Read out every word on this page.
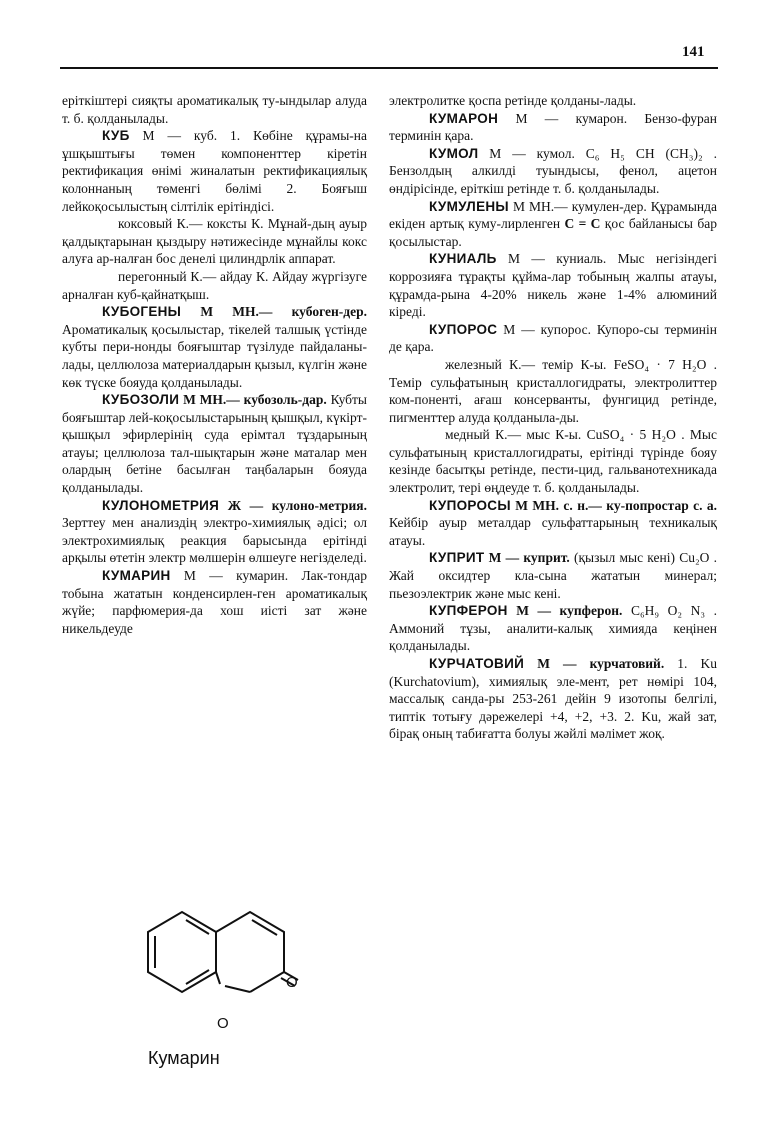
141

еріткіштері сияқты ароматикалық ту-ындылар алуда т. б. қолданылады.

КУБ М — куб. 1. Көбіне құрамы-на ұшқыштығы төмен компоненттер кіретін ректификация өнімі жиналатын ректификациялық колоннаның төменгі бөлімі 2. Бояғыш лейкоқосылыстың сілтілік ерітіндісі.

коксовый К.— коксты К. Мұнай-дың ауыр қалдықтарынан қыздыру нәтижесінде мұнайлы кокс алуға ар-налған бос денелі цилиндрлік аппарат.

перегонный К.— айдау К. Айдау жүргізуге арналған куб-қайнатқыш.

КУБОГЕНЫ М МН.— кубоген-дер. Ароматикалық қосылыстар, тікелей талшық үстінде кубты пери-нонды бояғыштар түзілуде пайдаланы-лады, целлюлоза материалдарын қызыл, күлгін және көк түске бояуда қолданылады.

КУБОЗОЛИ М МН.— кубозоль-дар. Кубты бояғыштар лей-коқосылыстарының қышқыл, күкірт-қышқыл эфирлерінің суда ерімтал тұздарының атауы; целлюлоза тал-шықтарын және маталар мен олардың бетіне басылған таңбаларын бояуда қолданылады.

КУЛОНОМЕТРИЯ Ж — кулоно-метрия. Зерттеу мен анализдің электро-химиялық әдісі; ол электрохимиялық реакция барысында ерітінді арқылы өтетін электр мөлшерін өлшеуге негізделеді.

КУМАРИН М — кумарин. Лак-тондар тобына жататын конденсирлен-ген ароматикалық жүйе; парфюмерия-да хош иісті зат және никельдеуде

электролитке қоспа ретінде қолданы-лады.

КУМАРОН М — кумарон. Бензо-фуран терминін қара.

КУМОЛ М — кумол. C₆ H₅ CH (CH₃)₂ . Бензолдың алкилді туындысы, фенол, ацетон өндірісінде, еріткіш ретінде т. б. қолданылады.

КУМУЛЕНЫ М МН.— кумулен-дер. Құрамында екіден артық куму-лирленген C = C қос байланысы бар қосылыстар.

КУНИАЛЬ М — куниаль. Мыс негізіндегі коррозияға тұрақты құйма-лар тобының жалпы атауы, құрамда-рына 4-20% никель және 1-4% алюминий кіреді.

КУПОРОС М — купорос. Купоро-сы терминін де қара.

железный К.— темір К-ы. FeSO₄ · 7 H₂O . Темір сульфатының кристаллогидраты, электролиттер ком-поненті, ағаш консерванты, фунгицид ретінде, пигменттер алуда қолданыла-ды.

медный К.— мыс К-ы. CuSO₄ · 5 H₂O . Мыс сульфатының кристаллогидраты, ерітінді түрінде бояу кезінде басытқы ретінде, пести-цид, гальванотехникада электролит, тері өңдеуде т. б. қолданылады.

КУПОРОСЫ М МН. с. н.— ку-попростар с. а. Кейбір ауыр металдар сульфаттарының техникалық атауы.

КУПРИТ М — куприт. (қызыл мыс кені) Cu₂O . Жай оксидтер кла-сына жататын минерал; пьезоэлектрик және мыс кені.

КУПФЕРОН М — купферон. C₆H₉ O₂ N₃ . Аммоний тұзы, аналити-калық химияда кеңінен қолданылады.

КУРЧАТОВИЙ М — курчатовий. 1. Ku (Kurchatovium), химиялық эле-мент, рет нөмірі 104, массалық санда-ры 253-261 дейін 9 изотопы белгілі, типтік тотығу дәрежелері +4, +2, +3. 2. Ku, жай зат, бірақ оның табиғатта болуы жәйлі мәлімет жоқ.

O
O
Кумарин
